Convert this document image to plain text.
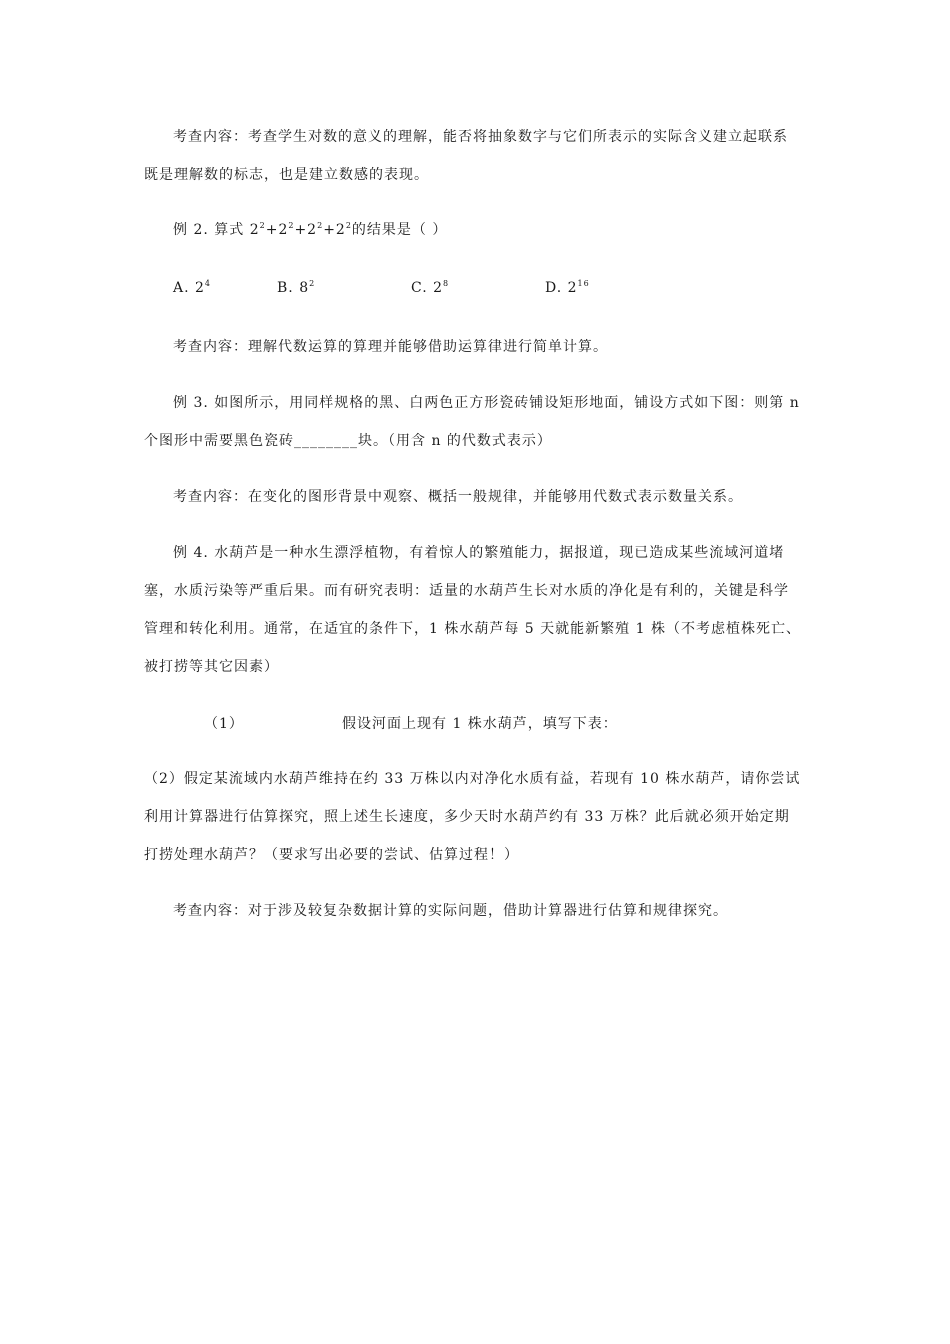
考查内容：考查学生对数的意义的理解，能否将抽象数字与它们所表示的实际含义建立起联系
既是理解数的标志，也是建立数感的表现。
例 2. 算式 $2^2+2^2+2^2+2^2$的结果是（ ）
A. $2^4$	B. $8^2$	C. $2^8$	D. $2^{16}$
考查内容：理解代数运算的算理并能够借助运算律进行简单计算。
例 3. 如图所示，用同样规格的黑、白两色正方形瓷砖铺设矩形地面，铺设方式如下图：则第 n
个图形中需要黑色瓷砖________块。（用含 n 的代数式表示）
考查内容：在变化的图形背景中观察、概括一般规律，并能够用代数式表示数量关系。
例 4. 水葫芦是一种水生漂浮植物，有着惊人的繁殖能力，据报道，现已造成某些流域河道堵
塞，水质污染等严重后果。而有研究表明：适量的水葫芦生长对水质的净化是有利的，关键是科学
管理和转化利用。通常，在适宜的条件下，1 株水葫芦每 5 天就能新繁殖 1 株（不考虑植株死亡、
被打捞等其它因素）
（1）	假设河面上现有 1 株水葫芦，填写下表：
（2）假定某流域内水葫芦维持在约 33 万株以内对净化水质有益，若现有 10 株水葫芦，请你尝试
利用计算器进行估算探究，照上述生长速度，多少天时水葫芦约有 33 万株？此后就必须开始定期
打捞处理水葫芦？（要求写出必要的尝试、估算过程！）
考查内容：对于涉及较复杂数据计算的实际问题，借助计算器进行估算和规律探究。
